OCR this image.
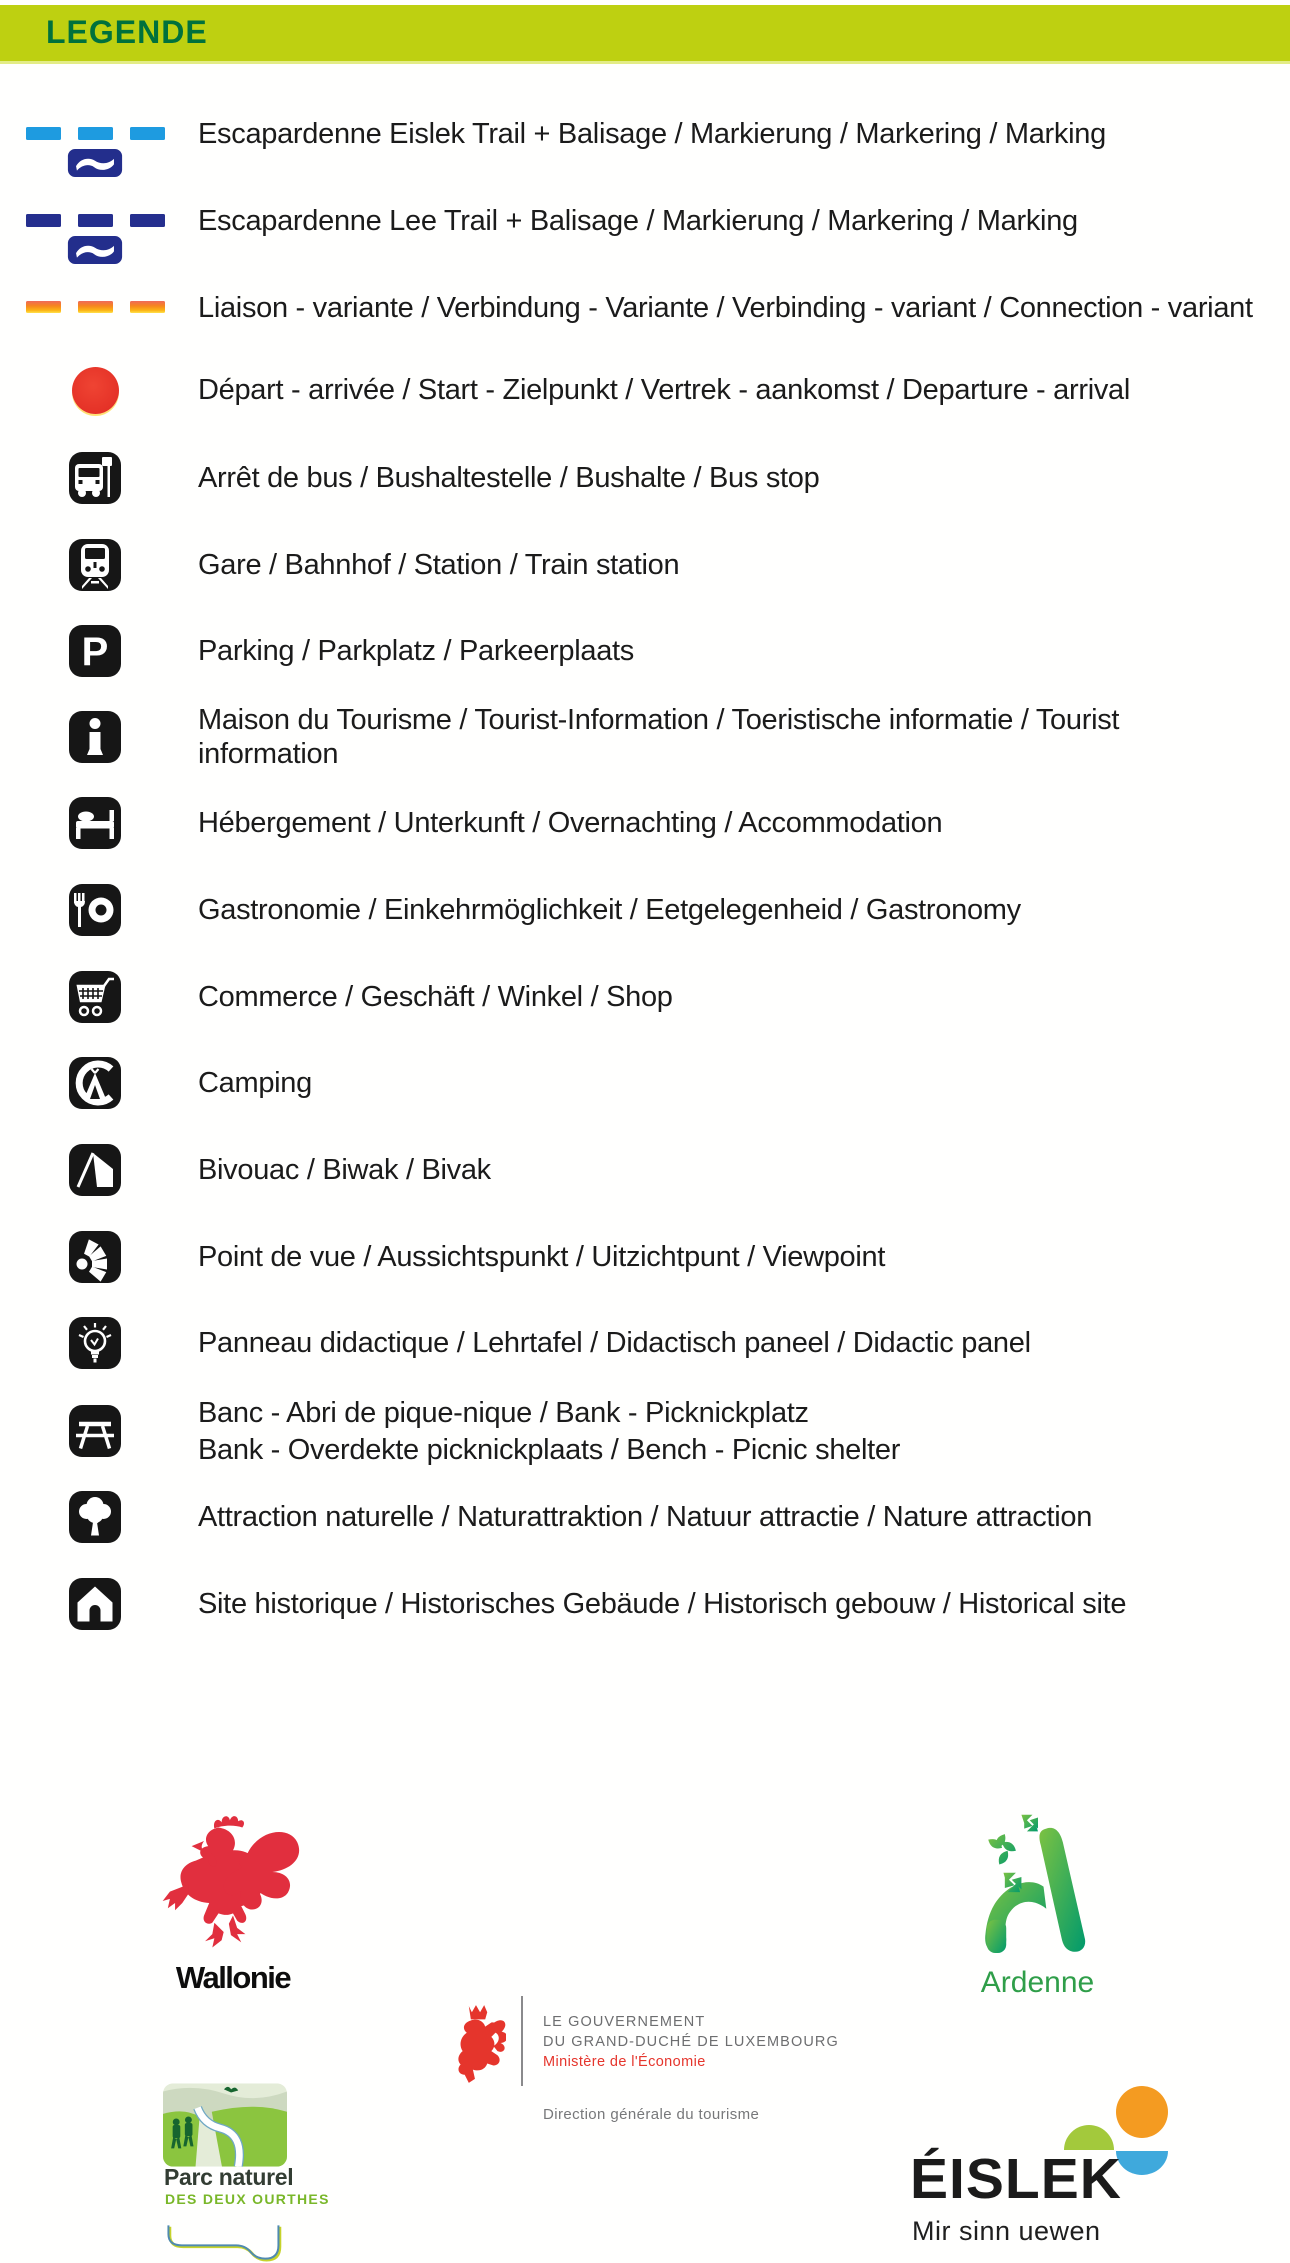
LEGENDE
Escapardenne Eislek Trail + Balisage / Markierung / Markering / Marking
Escapardenne Lee Trail + Balisage / Markierung / Markering / Marking
Liaison - variante / Verbindung - Variante / Verbinding - variant / Connection - variant
Départ - arrivée / Start - Zielpunkt / Vertrek - aankomst / Departure - arrival
Arrêt de bus / Bushaltestelle / Bushalte / Bus stop
Gare / Bahnhof / Station / Train station
P	Parking / Parkplatz / Parkeerplaats
Maison du Tourisme / Tourist-Information / Toeristische informatie / Tourist information
Hébergement / Unterkunft / Overnachting / Accommodation
Gastronomie / Einkehrmöglichkeit / Eetgelegenheid / Gastronomy
Commerce / Geschäft / Winkel / Shop
Camping
Bivouac / Biwak / Bivak
Point de vue / Aussichtspunkt / Uitzichtpunt / Viewpoint
Panneau didactique / Lehrtafel / Didactisch paneel / Didactic panel
Banc - Abri de pique-nique / Bank - Picknickplatz
Bank - Overdekte picknickplaats / Bench - Picnic shelter
Attraction naturelle / Naturattraktion / Natuur attractie / Nature attraction
Site historique / Historisches Gebäude / Historisch gebouw / Historical site
Wallonie	Ardenne
LE GOUVERNEMENT
DU GRAND-DUCHÉ DE LUXEMBOURG
Ministère de l'Économie
Direction générale du tourisme
Parc naturel
DES DEUX OURTHES	ÉISLEK
Mir sinn uewen
